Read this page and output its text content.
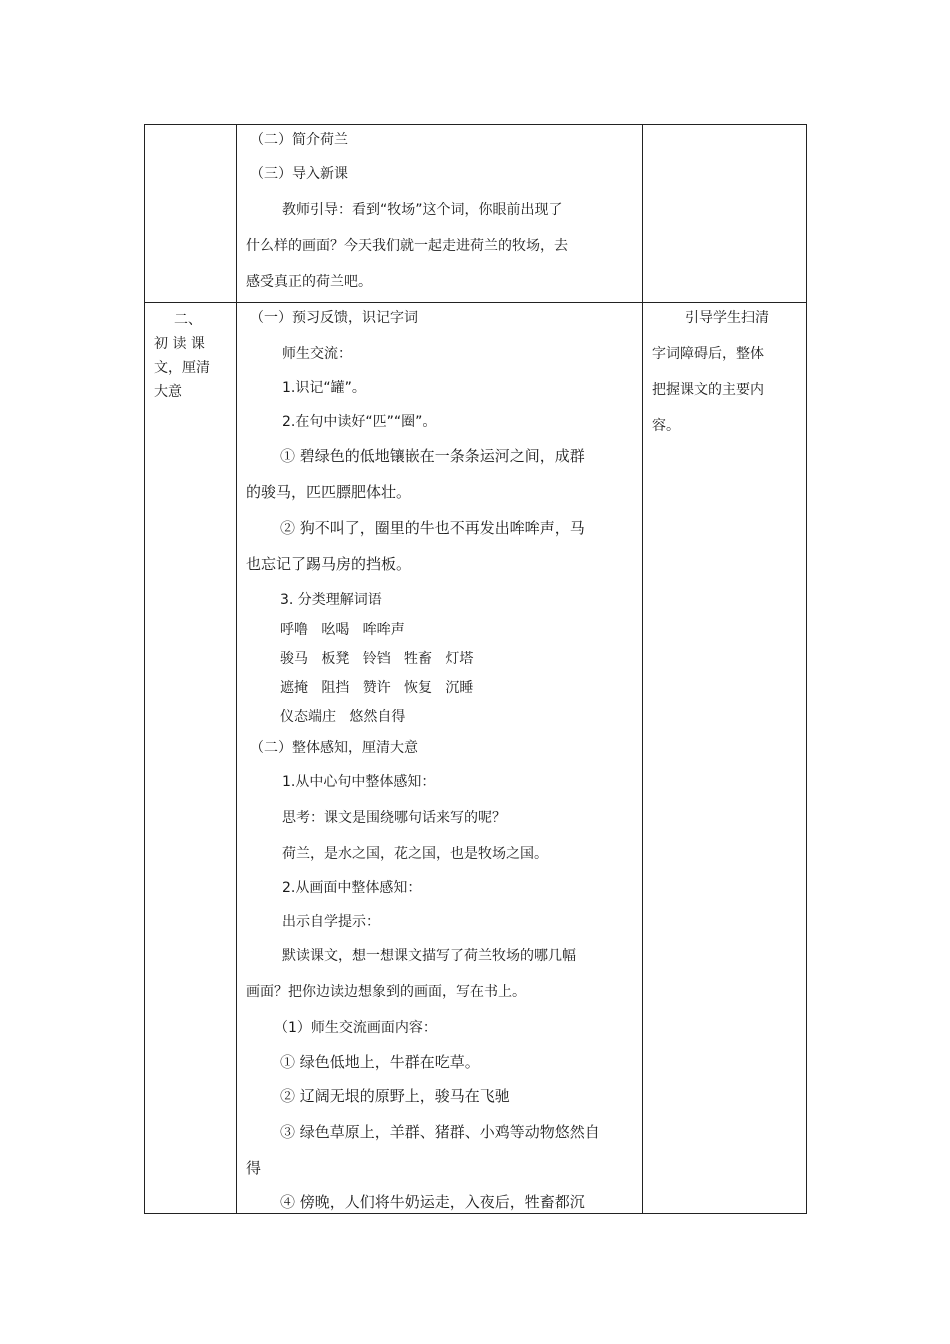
（二）简介荷兰
（三）导入新课
教师引导：看到“牧场”这个词，你眼前出现了
什么样的画面？今天我们就一起走进荷兰的牧场，去
感受真正的荷兰吧。
二、
初 读 课
文，厘清
大意
引导学生扫清
字词障碍后，整体
把握课文的主要内
容。
（一）预习反馈，识记字词
师生交流：
1.识记“罐”。
2.在句中读好“匹”“圈”。
① 碧绿色的低地镶嵌在一条条运河之间，成群
的骏马，匹匹膘肥体壮。
② 狗不叫了，圈里的牛也不再发出哞哞声，马
也忘记了踢马房的挡板。
3. 分类理解词语
呼噜   吆喝   哞哞声
骏马   板凳   铃铛   牲畜   灯塔
遮掩   阻挡   赞许   恢复   沉睡
仪态端庄   悠然自得
（二）整体感知，厘清大意
1.从中心句中整体感知：
思考：课文是围绕哪句话来写的呢？
荷兰，是水之国，花之国，也是牧场之国。
2.从画面中整体感知：
出示自学提示：
默读课文，想一想课文描写了荷兰牧场的哪几幅
画面？把你边读边想象到的画面，写在书上。
（1）师生交流画面内容：
① 绿色低地上，牛群在吃草。
② 辽阔无垠的原野上，骏马在飞驰
③ 绿色草原上，羊群、猪群、小鸡等动物悠然自
得
④ 傍晚，人们将牛奶运走，入夜后，牲畜都沉
